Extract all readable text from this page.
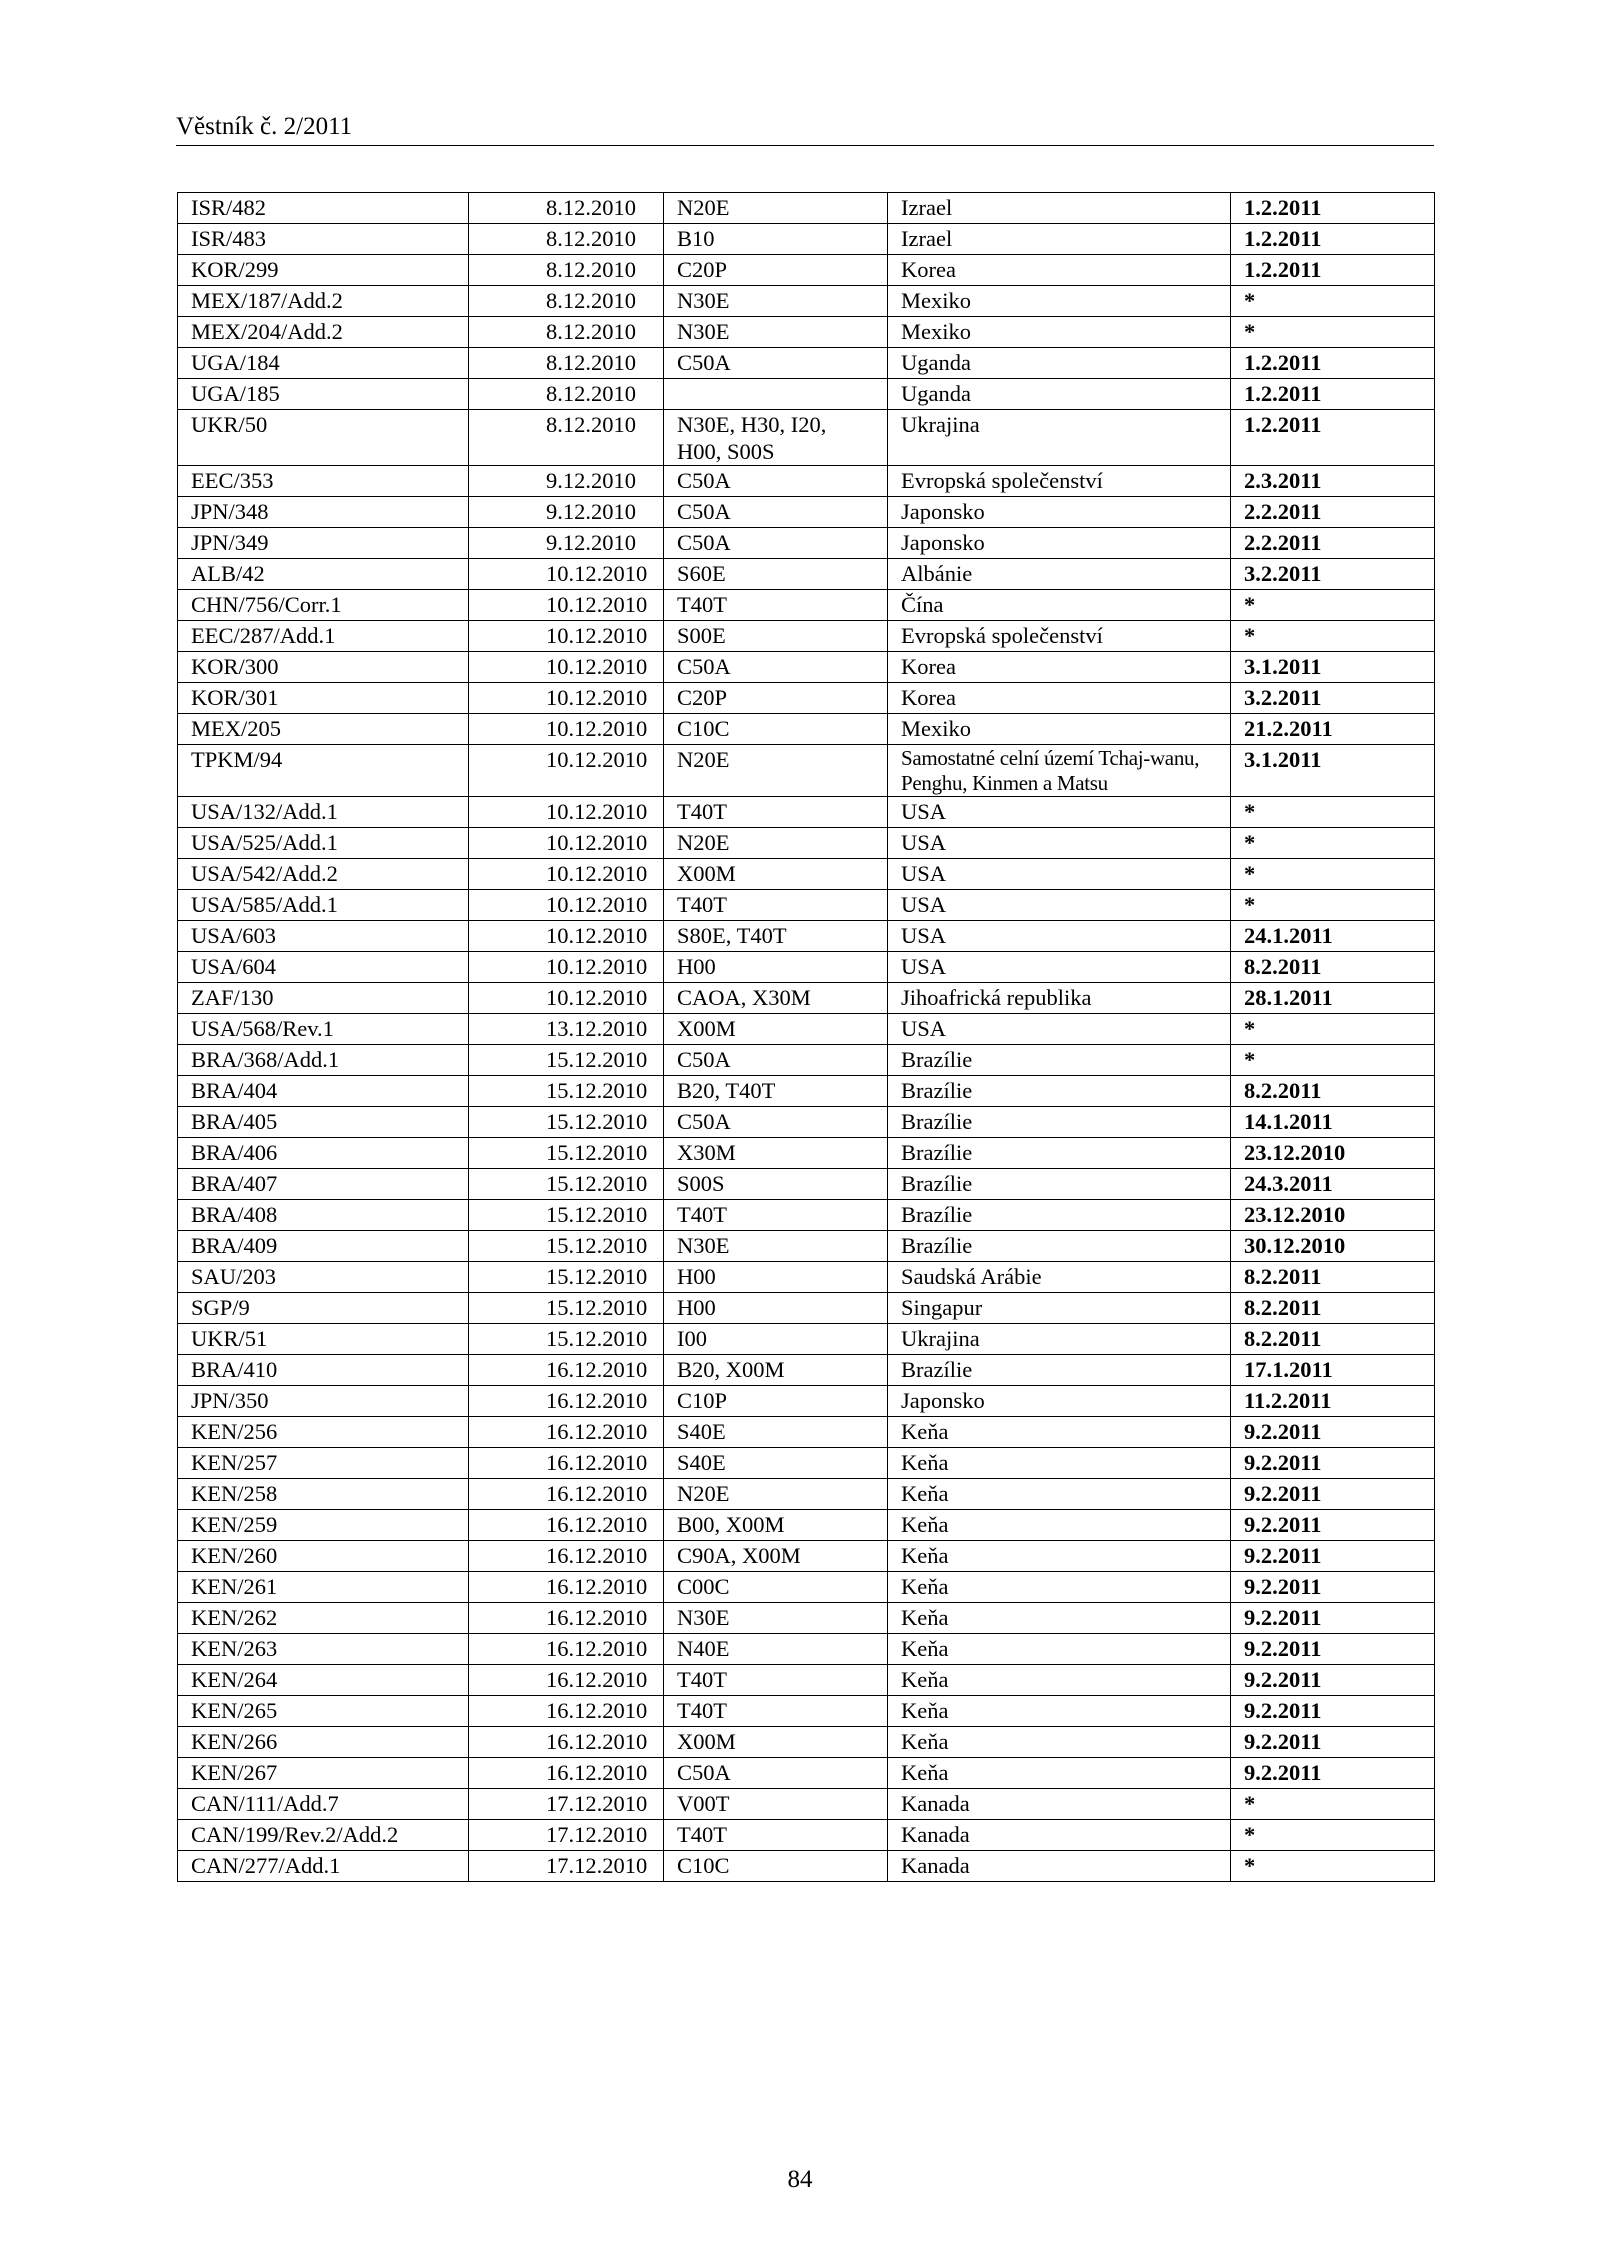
Věstník č. 2/2011
ISR/482	8.12.2010	N20E	Izrael	1.2.2011
ISR/483	8.12.2010	B10	Izrael	1.2.2011
KOR/299	8.12.2010	C20P	Korea	1.2.2011
MEX/187/Add.2	8.12.2010	N30E	Mexiko	*
MEX/204/Add.2	8.12.2010	N30E	Mexiko	*
UGA/184	8.12.2010	C50A	Uganda	1.2.2011
UGA/185	8.12.2010		Uganda	1.2.2011
UKR/50	8.12.2010	N30E, H30, I20, H00, S00S	Ukrajina	1.2.2011
EEC/353	9.12.2010	C50A	Evropská společenství	2.3.2011
JPN/348	9.12.2010	C50A	Japonsko	2.2.2011
JPN/349	9.12.2010	C50A	Japonsko	2.2.2011
ALB/42	10.12.2010	S60E	Albánie	3.2.2011
CHN/756/Corr.1	10.12.2010	T40T	Čína	*
EEC/287/Add.1	10.12.2010	S00E	Evropská společenství	*
KOR/300	10.12.2010	C50A	Korea	3.1.2011
KOR/301	10.12.2010	C20P	Korea	3.2.2011
MEX/205	10.12.2010	C10C	Mexiko	21.2.2011
TPKM/94	10.12.2010	N20E	Samostatné celní území Tchaj-wanu, Penghu, Kinmen a Matsu	3.1.2011
USA/132/Add.1	10.12.2010	T40T	USA	*
USA/525/Add.1	10.12.2010	N20E	USA	*
USA/542/Add.2	10.12.2010	X00M	USA	*
USA/585/Add.1	10.12.2010	T40T	USA	*
USA/603	10.12.2010	S80E, T40T	USA	24.1.2011
USA/604	10.12.2010	H00	USA	8.2.2011
ZAF/130	10.12.2010	CAOA, X30M	Jihoafrická republika	28.1.2011
USA/568/Rev.1	13.12.2010	X00M	USA	*
BRA/368/Add.1	15.12.2010	C50A	Brazílie	*
BRA/404	15.12.2010	B20, T40T	Brazílie	8.2.2011
BRA/405	15.12.2010	C50A	Brazílie	14.1.2011
BRA/406	15.12.2010	X30M	Brazílie	23.12.2010
BRA/407	15.12.2010	S00S	Brazílie	24.3.2011
BRA/408	15.12.2010	T40T	Brazílie	23.12.2010
BRA/409	15.12.2010	N30E	Brazílie	30.12.2010
SAU/203	15.12.2010	H00	Saudská Arábie	8.2.2011
SGP/9	15.12.2010	H00	Singapur	8.2.2011
UKR/51	15.12.2010	I00	Ukrajina	8.2.2011
BRA/410	16.12.2010	B20, X00M	Brazílie	17.1.2011
JPN/350	16.12.2010	C10P	Japonsko	11.2.2011
KEN/256	16.12.2010	S40E	Keňa	9.2.2011
KEN/257	16.12.2010	S40E	Keňa	9.2.2011
KEN/258	16.12.2010	N20E	Keňa	9.2.2011
KEN/259	16.12.2010	B00, X00M	Keňa	9.2.2011
KEN/260	16.12.2010	C90A, X00M	Keňa	9.2.2011
KEN/261	16.12.2010	C00C	Keňa	9.2.2011
KEN/262	16.12.2010	N30E	Keňa	9.2.2011
KEN/263	16.12.2010	N40E	Keňa	9.2.2011
KEN/264	16.12.2010	T40T	Keňa	9.2.2011
KEN/265	16.12.2010	T40T	Keňa	9.2.2011
KEN/266	16.12.2010	X00M	Keňa	9.2.2011
KEN/267	16.12.2010	C50A	Keňa	9.2.2011
CAN/111/Add.7	17.12.2010	V00T	Kanada	*
CAN/199/Rev.2/Add.2	17.12.2010	T40T	Kanada	*
CAN/277/Add.1	17.12.2010	C10C	Kanada	*
84
